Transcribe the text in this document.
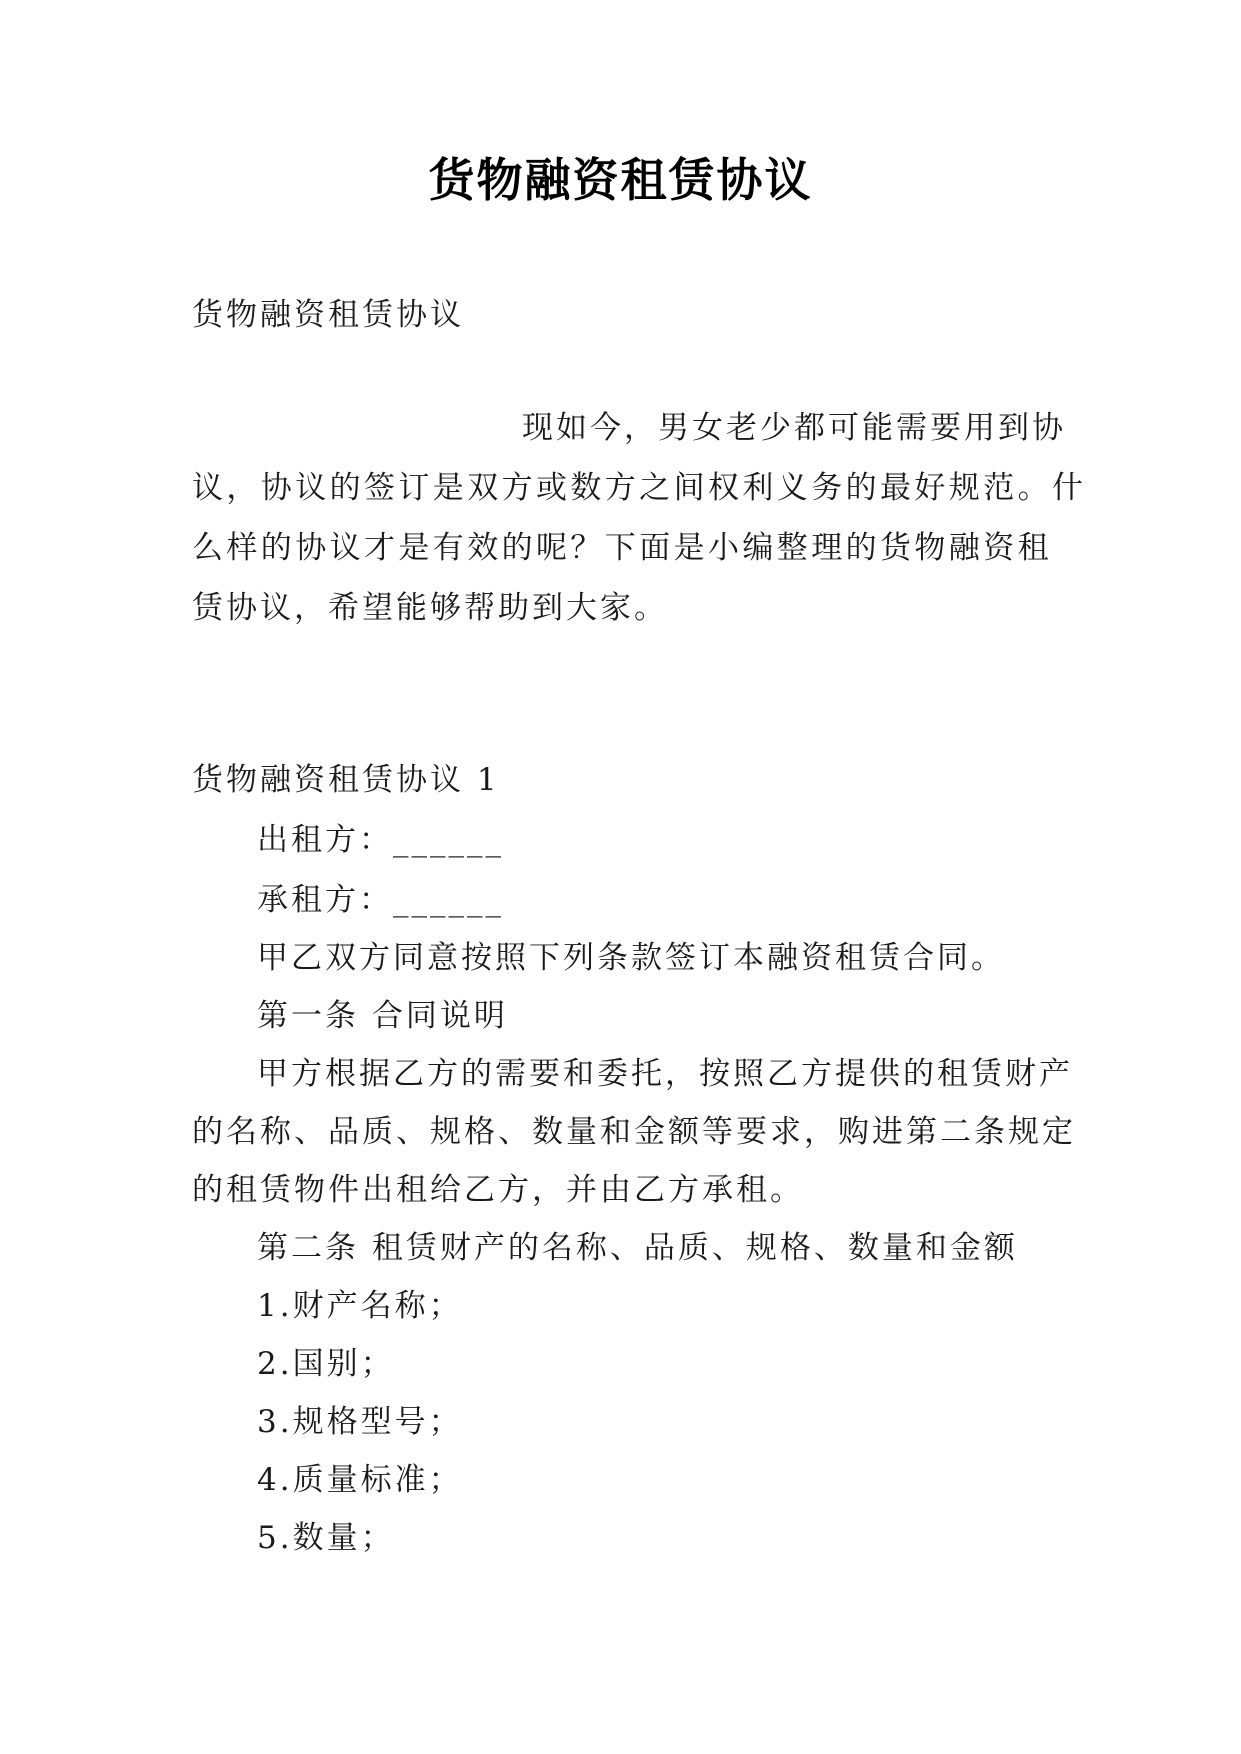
货物融资租赁协议
货物融资租赁协议
现如今，男女老少都可能需要用到协
议，协议的签订是双方或数方之间权利义务的最好规范。什
么样的协议才是有效的呢？下面是小编整理的货物融资租
赁协议，希望能够帮助到大家。
货物融资租赁协议 1
出租方：______
承租方：______
甲乙双方同意按照下列条款签订本融资租赁合同。
第一条 合同说明
甲方根据乙方的需要和委托，按照乙方提供的租赁财产
的名称、品质、规格、数量和金额等要求，购进第二条规定
的租赁物件出租给乙方，并由乙方承租。
第二条 租赁财产的名称、品质、规格、数量和金额
1.财产名称；
2.国别；
3.规格型号；
4.质量标准；
5.数量；
